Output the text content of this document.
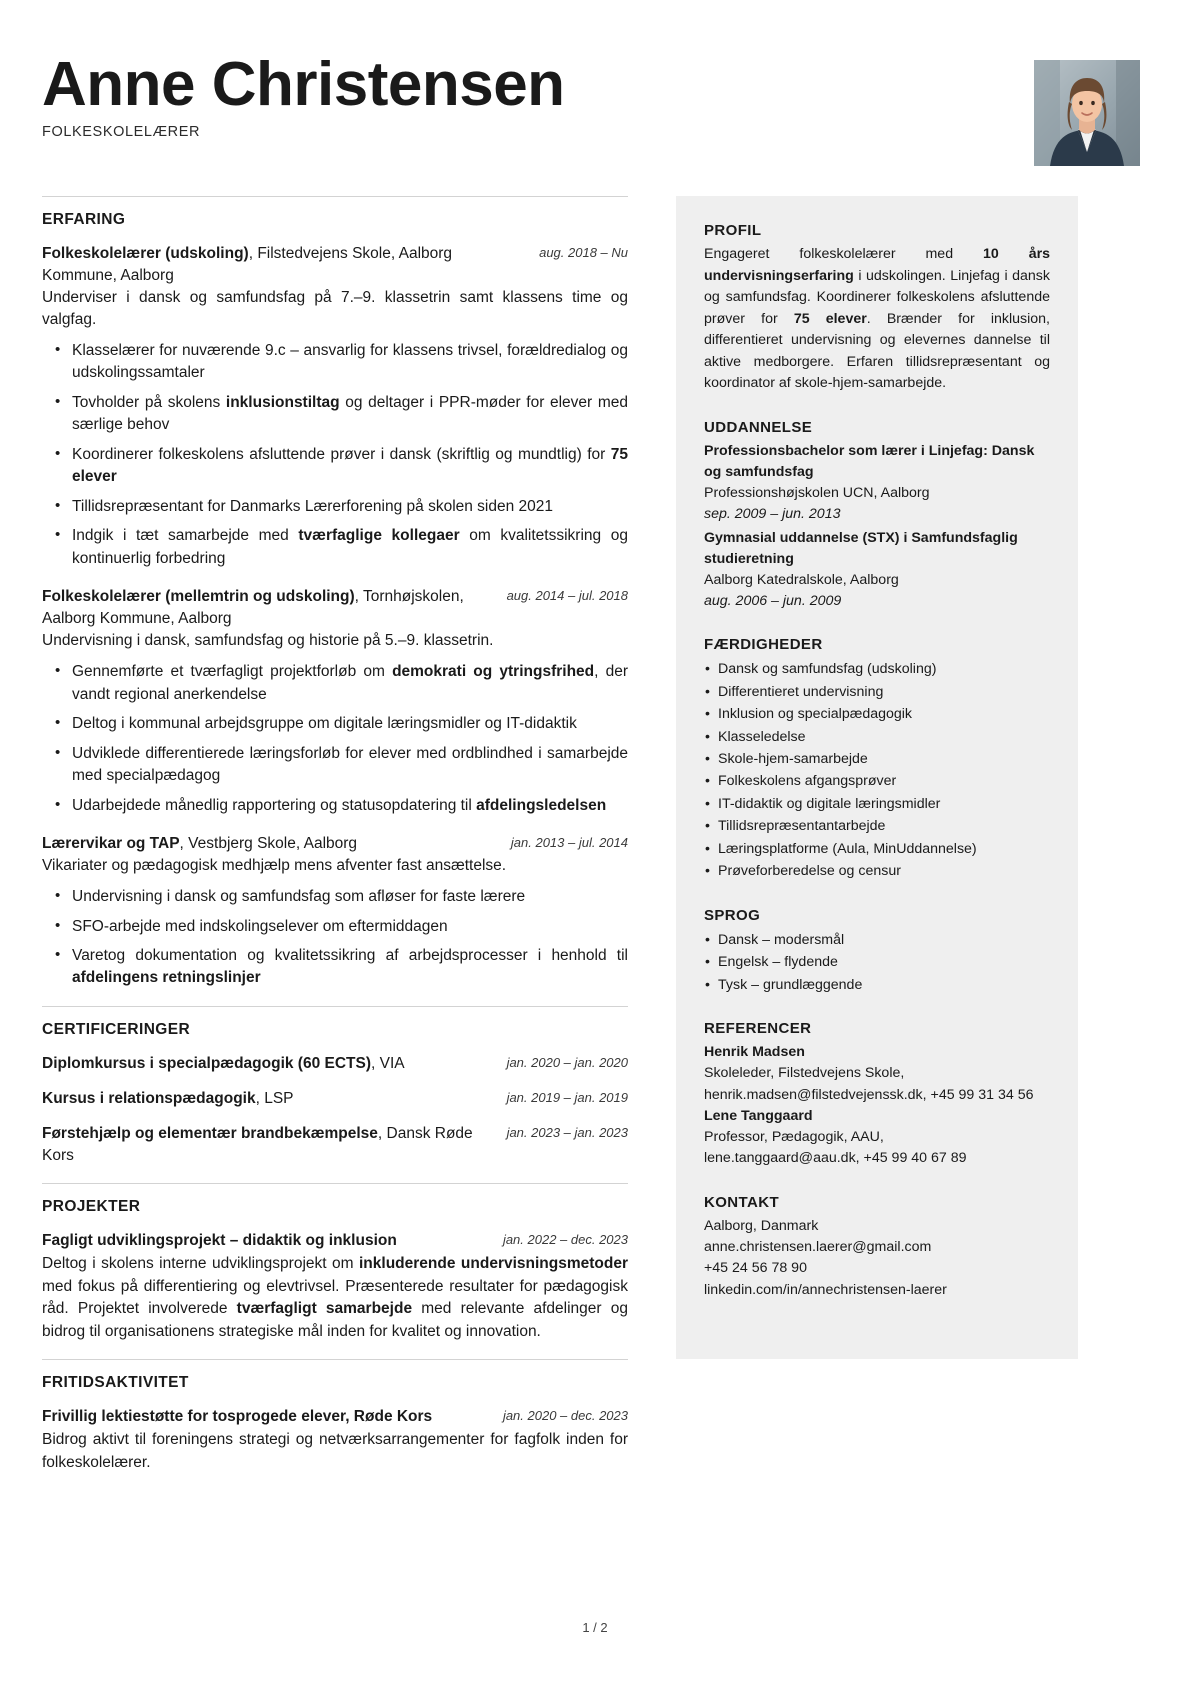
Anne Christensen
FOLKESKOLELÆRER
ERFARING
Folkeskolelærer (udskoling), Filstedvejens Skole, Aalborg Kommune, Aalborg
aug. 2018 – Nu
Underviser i dansk og samfundsfag på 7.–9. klassetrin samt klassens time og valgfag.
• Klasselærer for nuværende 9.c – ansvarlig for klassens trivsel, forældredialog og udskolingssamtaler
• Tovholder på skolens inklusionstiltag og deltager i PPR-møder for elever med særlige behov
• Koordinerer folkeskolens afsluttende prøver i dansk (skriftlig og mundtlig) for 75 elever
• Tillidsrepræsentant for Danmarks Lærerforening på skolen siden 2021
• Indgik i tæt samarbejde med tværfaglige kollegaer om kvalitetssikring og kontinuerlig forbedring
Folkeskolelærer (mellemtrin og udskoling), Tornhøjskolen, Aalborg Kommune, Aalborg
aug. 2014 – jul. 2018
Undervisning i dansk, samfundsfag og historie på 5.–9. klassetrin.
• Gennemførte et tværfagligt projektforløb om demokrati og ytringsfrihed, der vandt regional anerkendelse
• Deltog i kommunal arbejdsgruppe om digitale læringsmidler og IT-didaktik
• Udviklede differentierede læringsforløb for elever med ordblindhed i samarbejde med specialpædagog
• Udarbejdede månedlig rapportering og statusopdatering til afdelingsledelsen
Lærervikar og TAP, Vestbjerg Skole, Aalborg	jan. 2013 – jul. 2014
Vikariater og pædagogisk medhjælp mens afventer fast ansættelse.
• Undervisning i dansk og samfundsfag som afløser for faste lærere
• SFO-arbejde med indskolingselever om eftermiddagen
• Varetog dokumentation og kvalitetssikring af arbejdsprocesser i henhold til afdelingens retningslinjer
CERTIFICERINGER
Diplomkursus i specialpædagogik (60 ECTS), VIA	jan. 2020 – jan. 2020
Kursus i relationspædagogik, LSP	jan. 2019 – jan. 2019
Førstehjælp og elementær brandbekæmpelse, Dansk Røde Kors
jan. 2023 – jan. 2023
PROJEKTER
Fagligt udviklingsprojekt – didaktik og inklusion	jan. 2022 – dec. 2023
Deltog i skolens interne udviklingsprojekt om inkluderende undervisningsmetoder med fokus på differentiering og elevtrivsel. Præsenterede resultater for pædagogisk råd. Projektet involverede tværfagligt samarbejde med relevante afdelinger og bidrog til organisationens strategiske mål inden for kvalitet og innovation.
FRITIDSAKTIVITET
Frivillig lektiestøtte for tosprogede elever, Røde Kors	jan. 2020 – dec. 2023
Bidrog aktivt til foreningens strategi og netværksarrangementer for fagfolk inden for folkeskolelærer.
PROFIL
Engageret folkeskolelærer med 10 års undervisningserfaring i udskolingen. Linjefag i dansk og samfundsfag. Koordinerer folkeskolens afsluttende prøver for 75 elever. Brænder for inklusion, differentieret undervisning og elevernes dannelse til aktive medborgere. Erfaren tillidsrepræsentant og koordinator af skole-hjem-samarbejde.
UDDANNELSE
Professionsbachelor som lærer i Linjefag: Dansk og samfundsfag
Professionshøjskolen UCN, Aalborg
sep. 2009 – jun. 2013
Gymnasial uddannelse (STX) i Samfundsfaglig studieretning
Aalborg Katedralskole, Aalborg
aug. 2006 – jun. 2009
FÆRDIGHEDER
• Dansk og samfundsfag (udskoling)
• Differentieret undervisning
• Inklusion og specialpædagogik
• Klasseledelse
• Skole-hjem-samarbejde
• Folkeskolens afgangsprøver
• IT-didaktik og digitale læringsmidler
• Tillidsrepræsentantarbejde
• Læringsplatforme (Aula, MinUddannelse)
• Prøveforberedelse og censur
SPROG
• Dansk – modersmål
• Engelsk – flydende
• Tysk – grundlæggende
REFERENCER
Henrik Madsen
Skoleleder, Filstedvejens Skole,
henrik.madsen@filstedvejenssk.dk, +45 99 31 34 56
Lene Tanggaard
Professor, Pædagogik, AAU,
lene.tanggaard@aau.dk, +45 99 40 67 89
KONTAKT
Aalborg, Danmark
anne.christensen.laerer@gmail.com
+45 24 56 78 90
linkedin.com/in/annechristensen-laerer
1 / 2
